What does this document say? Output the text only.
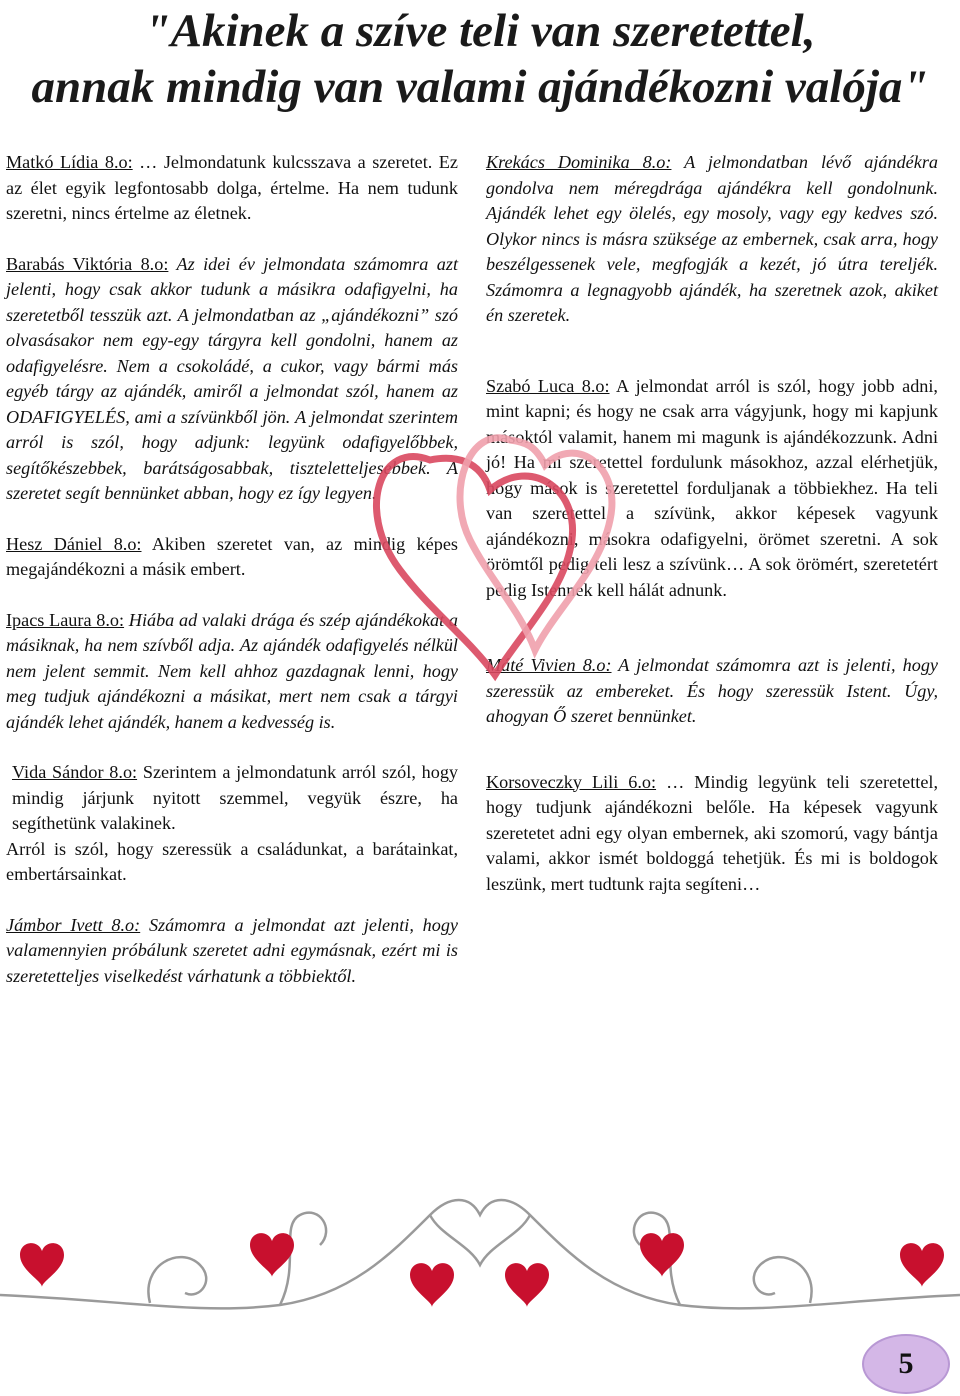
"Akinek a szíve teli van szeretettel,
annak mindig van valami ajándékozni valója"

Matkó Lídia 8.o: … Jelmondatunk kulcsszava a szeretet. Ez az élet egyik legfontosabb dolga, értelme. Ha nem tudunk szeretni, nincs értelme az életnek.

Barabás Viktória 8.o: Az idei év jelmondata számomra azt jelenti, hogy csak akkor tudunk a másikra odafigyelni, ha szeretetből tesszük azt. A jelmondatban az „ajándékozni” szó olvasásakor nem egy-egy tárgyra kell gondolni, hanem az odafigyelésre. Nem a csokoládé, a cukor, vagy bármi más egyéb tárgy az ajándék, amiről a jelmondat szól, hanem az ODAFIGYELÉS, ami a szívünkből jön. A jelmondat szerintem arról is szól, hogy adjunk: legyünk odafigyelőbbek, segítőkészebbek, barátságosabbak, tiszteletteljesebbek. A szeretet segít bennünket abban, hogy ez így legyen.

Hesz Dániel 8.o: Akiben szeretet van, az mindig képes megajándékozni a másik embert.

Ipacs Laura 8.o: Hiába ad valaki drága és szép ajándékokat a másiknak, ha nem szívből adja. Az ajándék odafigyelés nélkül nem jelent semmit. Nem kell ahhoz gazdagnak lenni, hogy meg tudjuk ajándékozni a másikat, mert nem csak a tárgyi ajándék lehet ajándék, hanem a kedvesség is.

Vida Sándor 8.o: Szerintem a jelmondatunk arról szól, hogy mindig járjunk nyitott szemmel, vegyük észre, ha segíthetünk valakinek.

Arról is szól, hogy szeressük a családunkat, a barátainkat, embertársainkat.

Jámbor Ivett 8.o: Számomra a jelmondat azt jelenti, hogy valamennyien próbálunk szeretet adni egymásnak, ezért mi is szeretetteljes viselkedést várhatunk a többiektől.

Krekács Dominika 8.o: A jelmondatban lévő ajándékra gondolva nem méregdrága ajándékra kell gondolnunk. Ajándék lehet egy ölelés, egy mosoly, vagy egy kedves szó. Olykor nincs is másra szüksége az embernek, csak arra, hogy beszélgessenek vele, megfogják a kezét, jó útra tereljék. Számomra a legnagyobb ajándék, ha szeretnek azok, akiket én szeretek.

Szabó Luca 8.o: A jelmondat arról is szól, hogy jobb adni, mint kapni; és hogy ne csak arra vágyjunk, hogy mi kapjunk másoktól valamit, hanem mi magunk is ajándékozzunk. Adni jó! Ha mi szeretettel fordulunk másokhoz, azzal elérhetjük, hogy mások is szeretettel forduljanak a többiekhez. Ha teli van szeretettel a szívünk, akkor képesek vagyunk ajándékozni, másokra odafigyelni, örömet szeretni. A sok örömtől pedig teli lesz a szívünk… A sok örömért, szeretetért pedig Istennek kell hálát adnunk.

Máté Vivien 8.o: A jelmondat számomra azt is jelenti, hogy szeressük az embereket. És hogy szeressük Istent. Úgy, ahogyan Ő szeret bennünket.

Korsoveczky Lili 6.o: … Mindig legyünk teli szeretettel, hogy tudjunk ajándékozni belőle. Ha képesek vagyunk szeretetet adni egy olyan embernek, aki szomorú, vagy bántja valami, akkor ismét boldoggá tehetjük. És mi is boldogok leszünk, mert tudtunk rajta segíteni…

5
